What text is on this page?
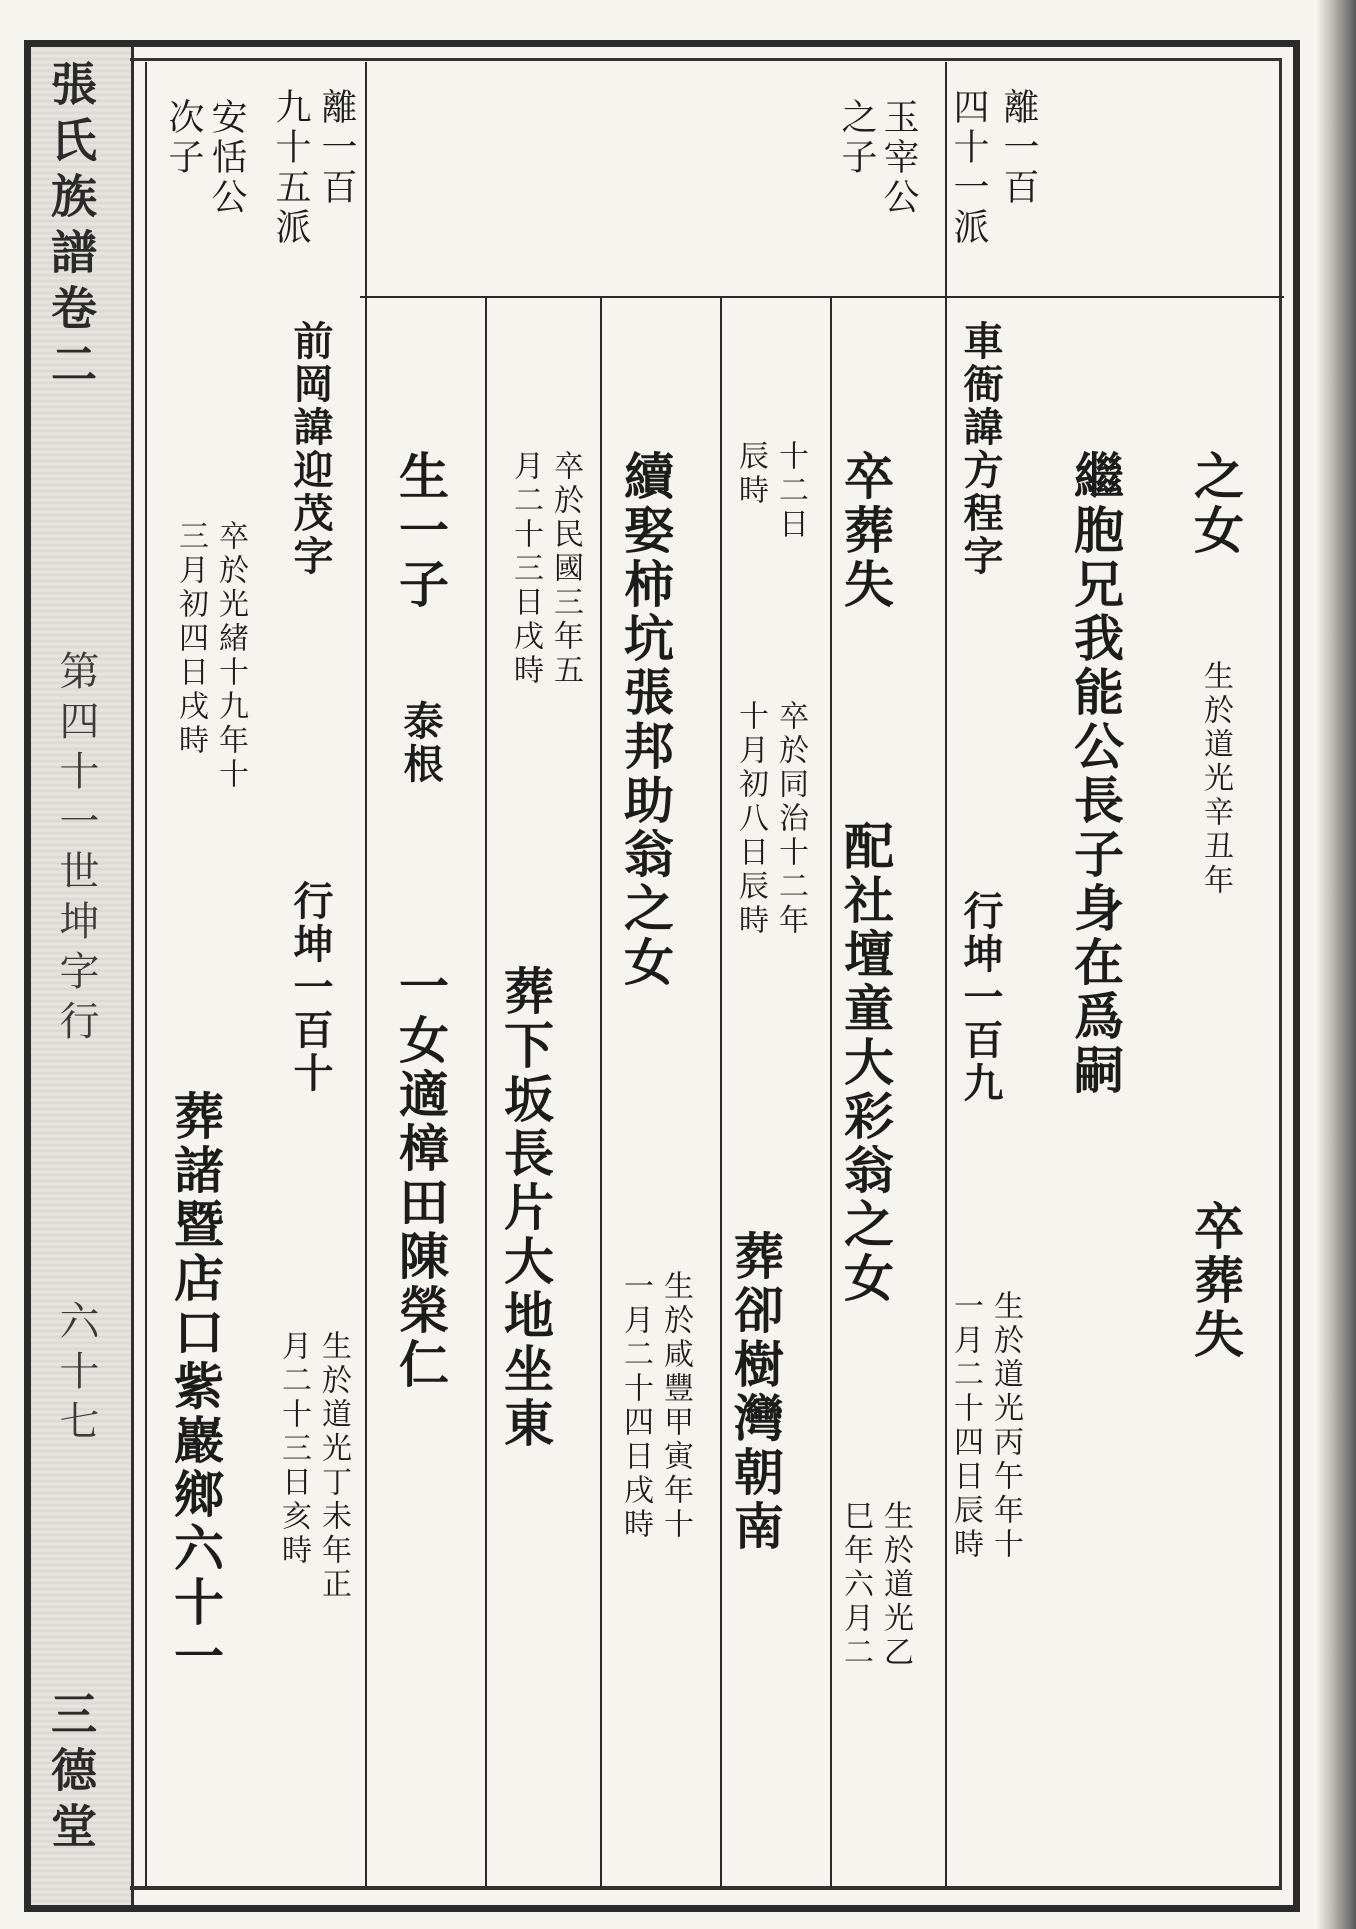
張氏族譜卷二
第四十一世坤字行
六十七
三德堂
離一百
四十一派
玉宰公
之子
離一百
九十五派
安恬公
次子
之女
生於道光辛丑年
卒葬失
繼胞兄我能公長子身在爲嗣
車衙諱方程字
行坤一百九
生於道光丙午年十
一月二十四日辰時
卒葬失
配社壇童大彩翁之女
生於道光乙
巳年六月二
十二日
辰時
卒於同治十二年
十月初八日辰時
葬卻樹灣朝南
續娶柿坑張邦助翁之女
生於咸豐甲寅年十
一月二十四日戌時
卒於民國三年五
月二十三日戌時
葬下坂長片大地坐東
生一子
泰根
一女適樟田陳榮仁
前岡諱迎茂字
行坤一百十
生於道光丁未年正
月二十三日亥時
卒於光緒十九年十
三月初四日戌時
葬諸暨店口紫巖鄉六十一
